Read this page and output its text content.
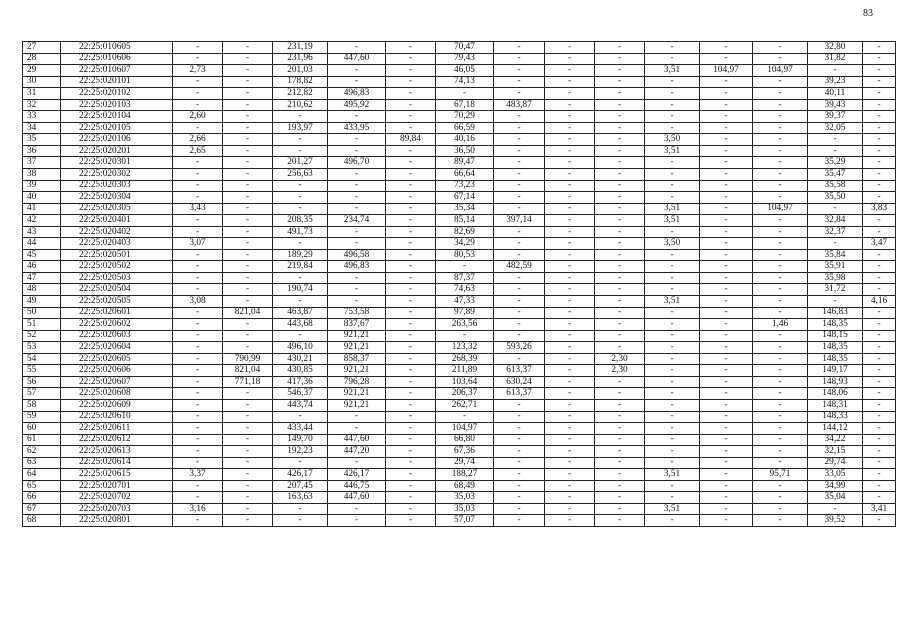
83
27	22:25:010605	-	-	231,19	-	-	70,47	-	-	-	-	-	-	32,80	-
28	22:25:010606	-	-	231,96	447,60	-	79,43	-	-	-	-	-	-	31,82	-
29	22:25:010607	2,73	-	201,03	-	-	46,05	-	-	-	3,51	104,97	104,97	-	-
30	22:25:020101	-	-	178,82	-	-	74,13	-	-	-	-	-	-	39,23	-
31	22:25:020102	-	-	212,82	496,83	-	-	-	-	-	-	-	-	40,11	-
32	22:25:020103	-	-	210,62	495,92	-	67,18	483,87	-	-	-	-	-	39,43	-
33	22:25:020104	2,60	-	-	-	-	70,29	-	-	-	-	-	-	39,37	-
34	22:25:020105	-	-	193,97	433,95	-	66,59	-	-	-	-	-	-	32,05	-
35	22:25:020106	2,66	-	-	-	89,84	40,16	-	-	-	3,50	-	-	-	-
36	22:25:020201	2,65	-	-	-	-	36,50	-	-	-	3,51	-	-	-	-
37	22:25:020301	-	-	201,27	496,70	-	89,47	-	-	-	-	-	-	35,29	-
38	22:25:020302	-	-	256,63	-	-	66,64	-	-	-	-	-	-	35,47	-
39	22:25:020303	-	-	-	-	-	73,23	-	-	-	-	-	-	35,58	-
40	22:25:020304	-	-	-	-	-	67,14	-	-	-	-	-	-	35,50	-
41	22:25:020305	3,43	-	-	-	-	35,34	-	-	-	3,51	-	104,97	-	3,83
42	22:25:020401	-	-	208,35	234,74	-	85,14	397,14	-	-	3,51	-	-	32,84	-
43	22:25:020402	-	-	491,73	-	-	82,69	-	-	-	-	-	-	32,37	-
44	22:25:020403	3,07	-	-	-	-	34,29	-	-	-	3,50	-	-	-	3,47
45	22:25:020501	-	-	189,29	496,58	-	80,53	-	-	-	-	-	-	35,84	-
46	22:25:020502	-	-	219,84	496,83	-	-	482,59	-	-	-	-	-	35,91	-
47	22:25:020503	-	-	-	-	-	87,37	-	-	-	-	-	-	35,98	-
48	22:25:020504	-	-	190,74	-	-	74,63	-	-	-	-	-	-	31,72	-
49	22:25:020505	3,08	-	-	-	-	47,33	-	-	-	3,51	-	-	-	4,16
50	22:25:020601	-	821,04	463,87	753,58	-	97,89	-	-	-	-	-	-	146,83	-
51	22:25:020602	-	-	443,68	837,67	-	263,56	-	-	-	-	-	1,46	148,35	-
52	22:25:020603	-	-	-	921,21	-	-	-	-	-	-	-	-	148,15	-
53	22:25:020604	-	-	496,10	921,21	-	123,32	593,26	-	-	-	-	-	148,35	-
54	22:25:020605	-	790,99	430,21	858,37	-	268,39	-	-	2,30	-	-	-	148,35	-
55	22:25:020606	-	821,04	430,85	921,21	-	211,89	613,37	-	2,30	-	-	-	149,17	-
56	22:25:020607	-	771,18	417,36	796,28	-	103,64	630,24	-	-	-	-	-	148,93	-
57	22:25:020608	-	-	546,37	921,21	-	206,37	613,37	-	-	-	-	-	148,06	-
58	22:25:020609	-	-	443,74	921,21	-	262,71	-	-	-	-	-	-	148,31	-
59	22:25:020610	-	-	-	-	-	-	-	-	-	-	-	-	148,33	-
60	22:25:020611	-	-	433,44	-	-	104,97	-	-	-	-	-	-	144,12	-
61	22:25:020612	-	-	149,70	447,60	-	66,80	-	-	-	-	-	-	34,22	-
62	22:25:020613	-	-	192,23	447,20	-	67,36	-	-	-	-	-	-	32,15	-
63	22:25:020614	-	-	-	-	-	29,74	-	-	-	-	-	-	29,74	-
64	22:25:020615	3,37	-	426,17	426,17	-	188,27	-	-	-	3,51	-	95,71	33,05	-
65	22:25:020701	-	-	207,45	446,75	-	68,49	-	-	-	-	-	-	34,99	-
66	22:25:020702	-	-	163,63	447,60	-	35,03	-	-	-	-	-	-	35,04	-
67	22:25:020703	3,16	-	-	-	-	35,03	-	-	-	3,51	-	-	-	3,41
68	22:25:020801	-	-	-	-	-	57,07	-	-	-	-	-	-	39,52	-
